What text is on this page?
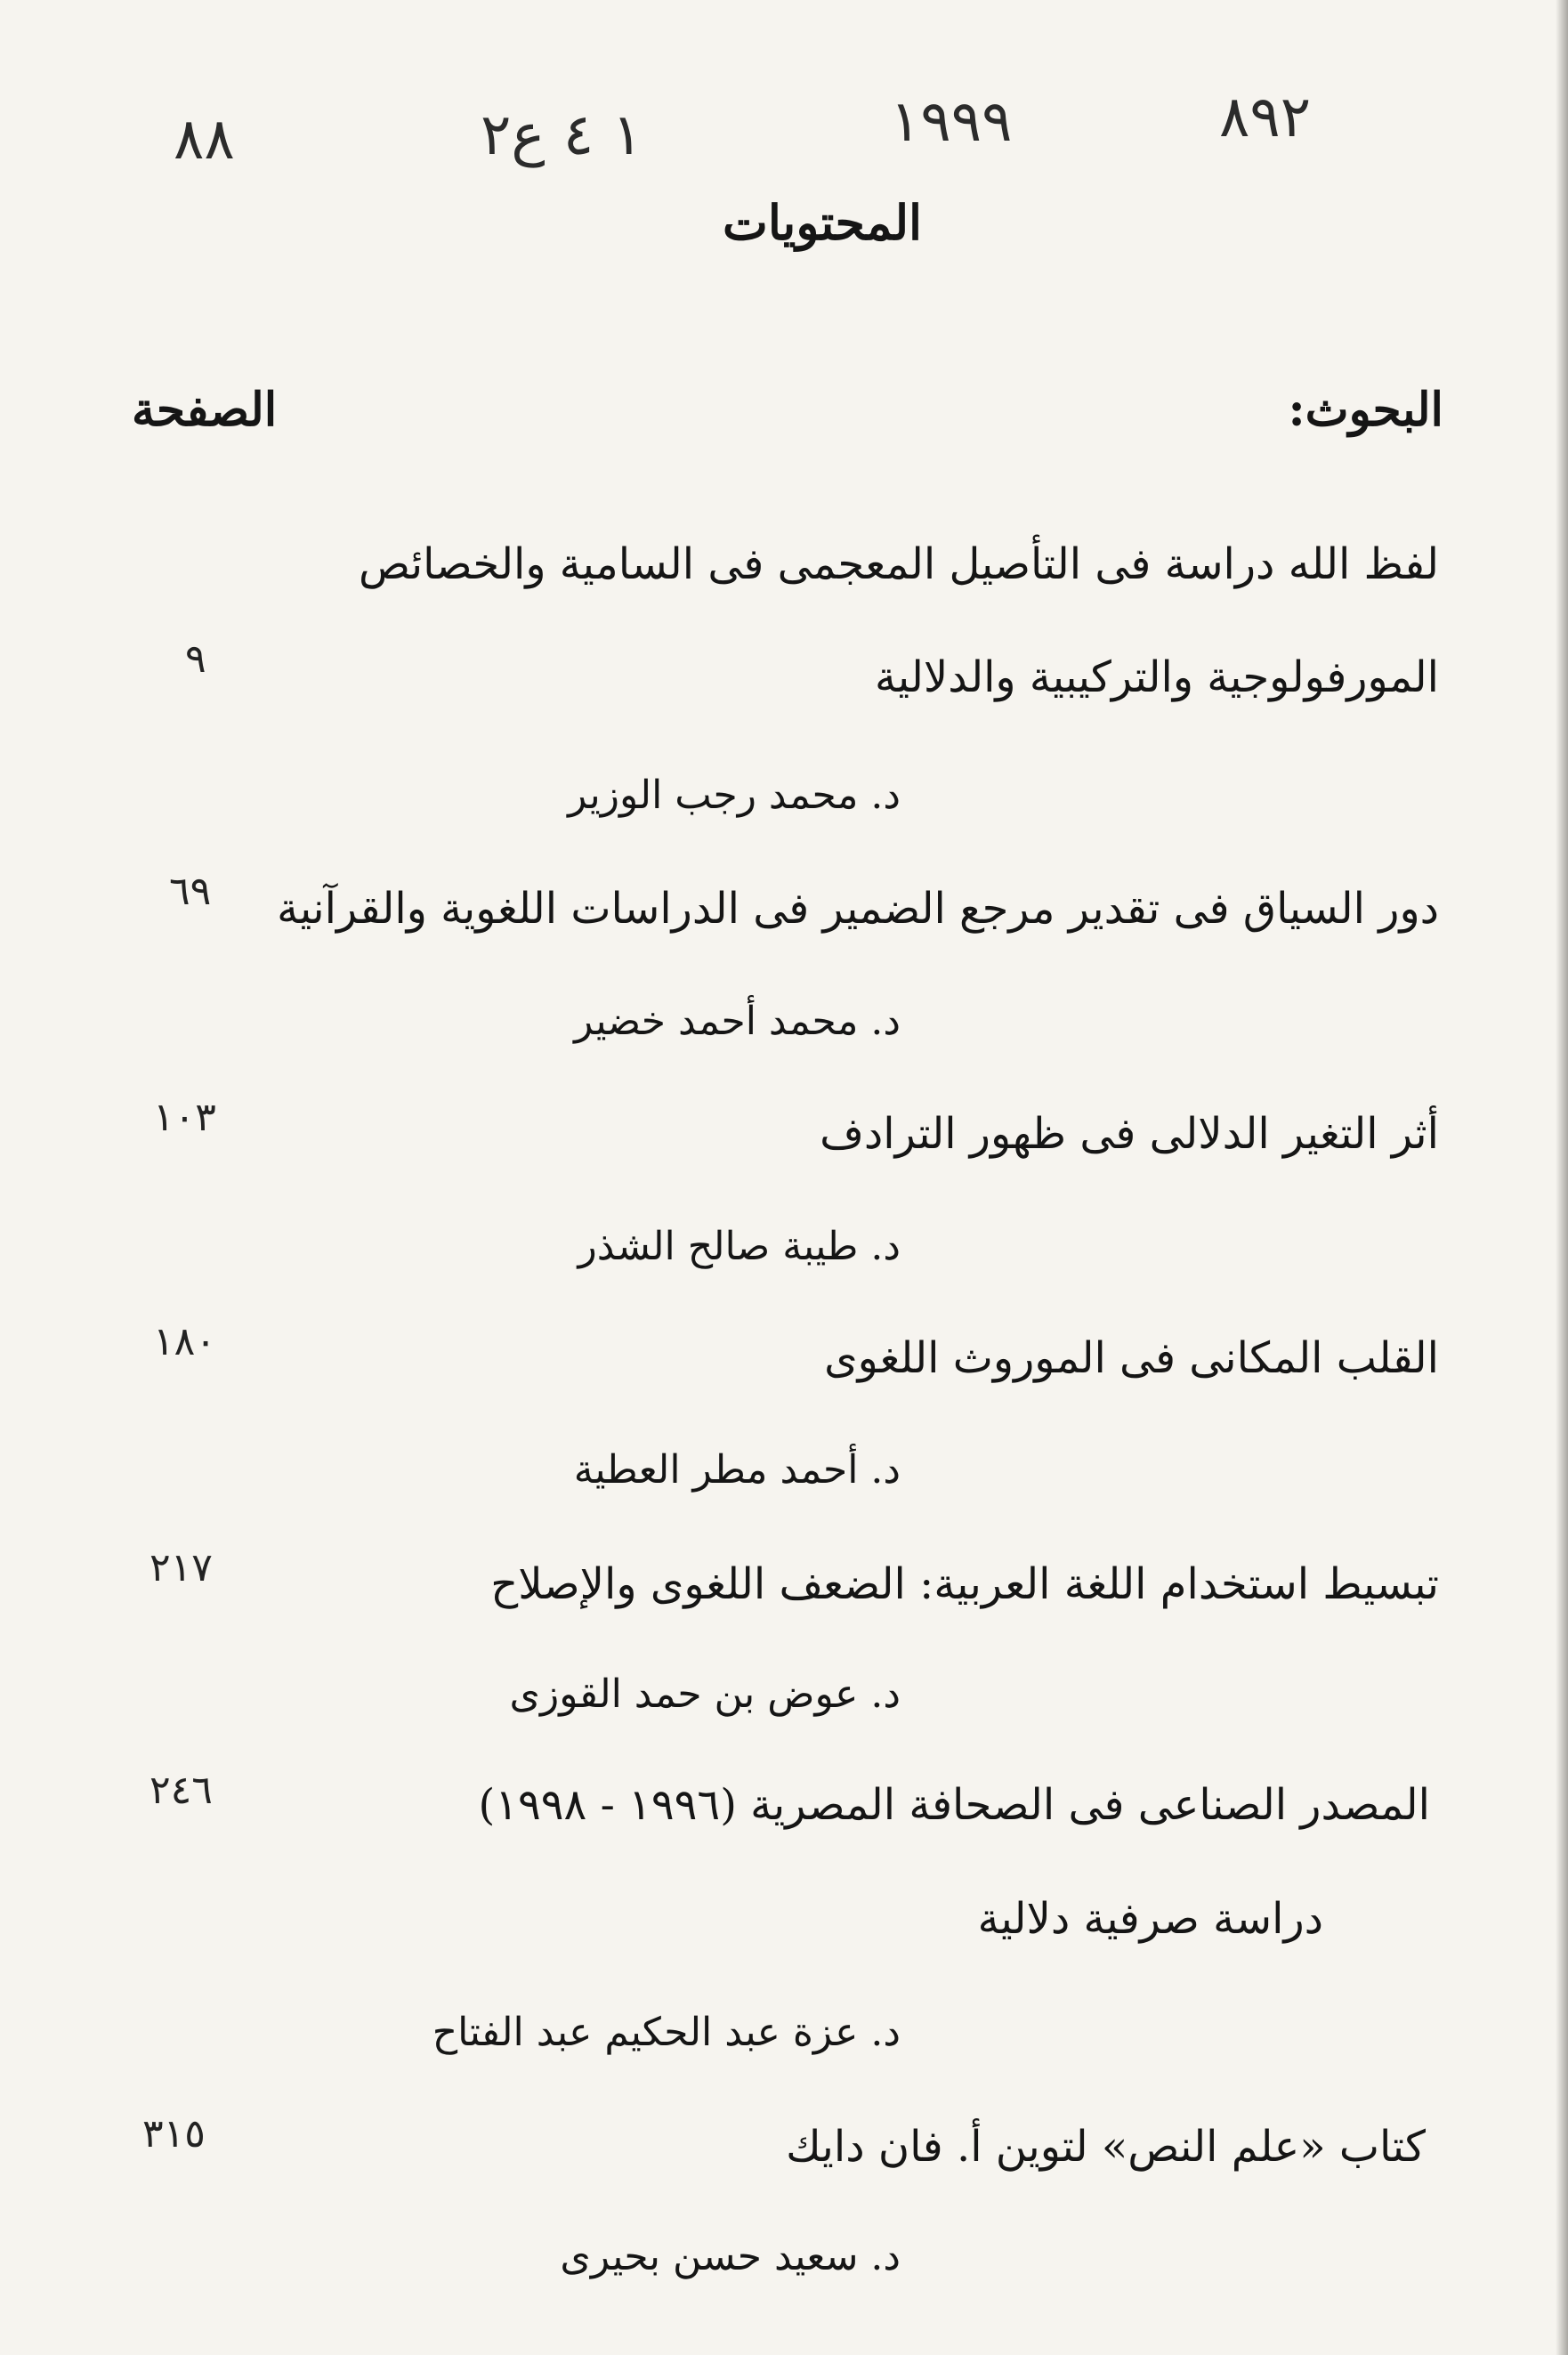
٨٨	١ ٤ ع٢	١٩٩٩	٨٩٢
المحتويات
البحوث:
الصفحة
لفظ الله دراسة فى التأصيل المعجمى فى السامية والخصائص
٩	المورفولوجية والتركيبية والدلالية
د. محمد رجب الوزير
٦٩ دور السياق فى تقدير مرجع الضمير فى الدراسات اللغوية والقرآنية
د. محمد أحمد خضير
١٠٣	أثر التغير الدلالى فى ظهور الترادف
د. طيبة صالح الشذر
١٨٠	القلب المكانى فى الموروث اللغوى
د. أحمد مطر العطية
٢١٧	تبسيط استخدام اللغة العربية: الضعف اللغوى والإصلاح
د. عوض بن حمد القوزى
٢٤٦	المصدر الصناعى فى الصحافة المصرية (١٩٩٦ - ١٩٩٨)
دراسة صرفية دلالية
د. عزة عبد الحكيم عبد الفتاح
٣١٥	كتاب «علم النص» لتوين أ. فان دايك
د. سعيد حسن بحيرى
